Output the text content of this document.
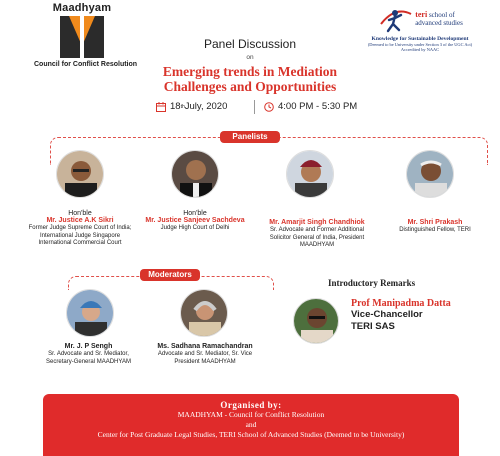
Maadhyam
Council for Conflict Resolution
teri school of
advanced studies
Knowledge for Sustainable Development
(Deemed to be University under Section 3 of the UGC Act)
Accredited by NAAC
Panel Discussion
on
Emerging trends in Mediation
Challenges and Opportunities
18 th July, 2020	4:00 PM - 5:30 PM
Panelists
Hon'ble
Mr. Justice A.K Sikri
Former Judge Supreme Court of India;
International Judge Singapore
International Commercial Court
Hon'ble
Mr. Justice Sanjeev Sachdeva
Judge High Court of Delhi
Mr. Amarjit Singh Chandhiok
Sr. Advocate and Former Additional
Solicitor General of India, President
MAADHYAM
Mr. Shri Prakash
Distinguished Fellow, TERI
Moderators
Mr. J. P Sengh
Sr. Advocate and Sr. Mediator,
Secretary-General MAADHYAM
Ms. Sadhana Ramachandran
Advocate and Sr. Mediator, Sr. Vice
President MAADHYAM
Introductory Remarks
Prof Manipadma Datta
Vice-Chancellor
TERI SAS
Organised by:
MAADHYAM - Council for Conflict Resolution
and
Center for Post Graduate Legal Studies, TERI School of Advanced Studies (Deemed to be University)
